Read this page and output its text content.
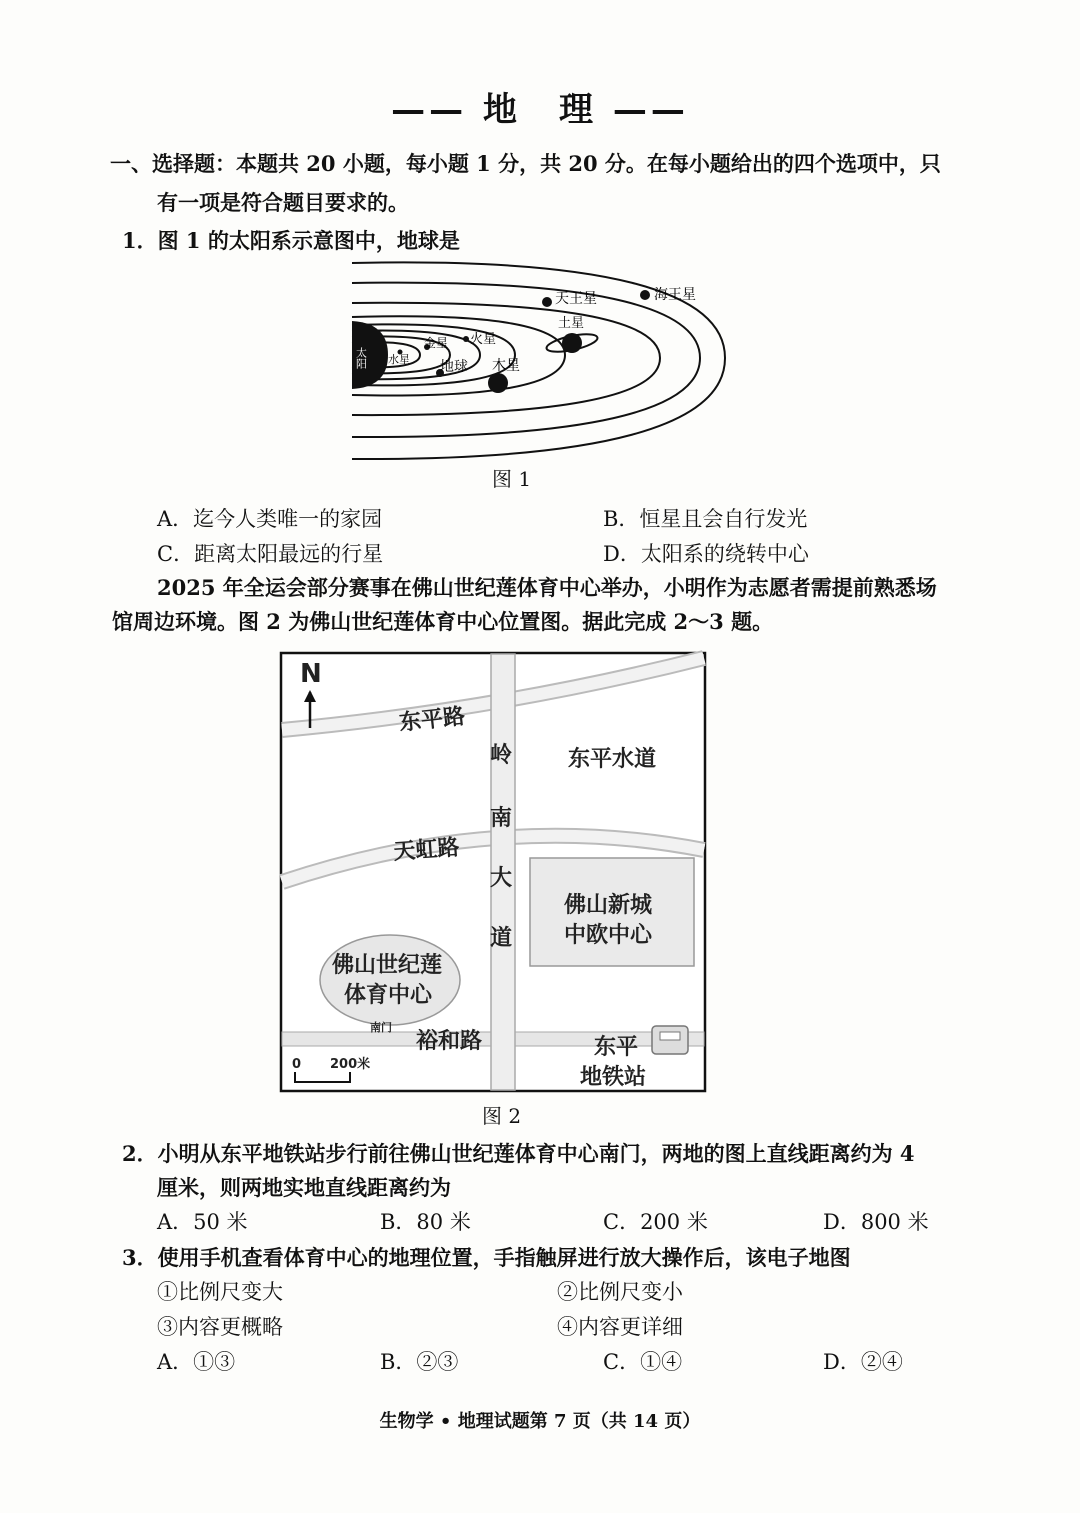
—— 地　理 ——
一、选择题：本题共 20 小题，每小题 1 分，共 20 分。在每小题给出的四个选项中，只
有一项是符合题目要求的。
1．图 1 的太阳系示意图中，地球是
太阳 水星
金星
地球
火星
木星
土星
天王星	海王星
图 1
A．迄今人类唯一的家园	B．恒星且会自行发光
C．距离太阳最远的行星	D．太阳系的绕转中心
2025 年全运会部分赛事在佛山世纪莲体育中心举办，小明作为志愿者需提前熟悉场
馆周边环境。图 2 为佛山世纪莲体育中心位置图。据此完成 2～3 题。
N
东平路
天虹路
裕和路
岭
南
大
道
东平水道
佛山新城
中欧中心
佛山世纪莲
体育中心
南门
东平
地铁站
0 200米
图 2
2．小明从东平地铁站步行前往佛山世纪莲体育中心南门，两地的图上直线距离约为 4
厘米，则两地实地直线距离约为
A．50 米	B．80 米	C．200 米	D．800 米
3．使用手机查看体育中心的地理位置，手指触屏进行放大操作后，该电子地图
①比例尺变大	②比例尺变小
③内容更概略	④内容更详细
A．①③	B．②③	C．①④	D．②④
生物学 • 地理试题第 7 页（共 14 页）
